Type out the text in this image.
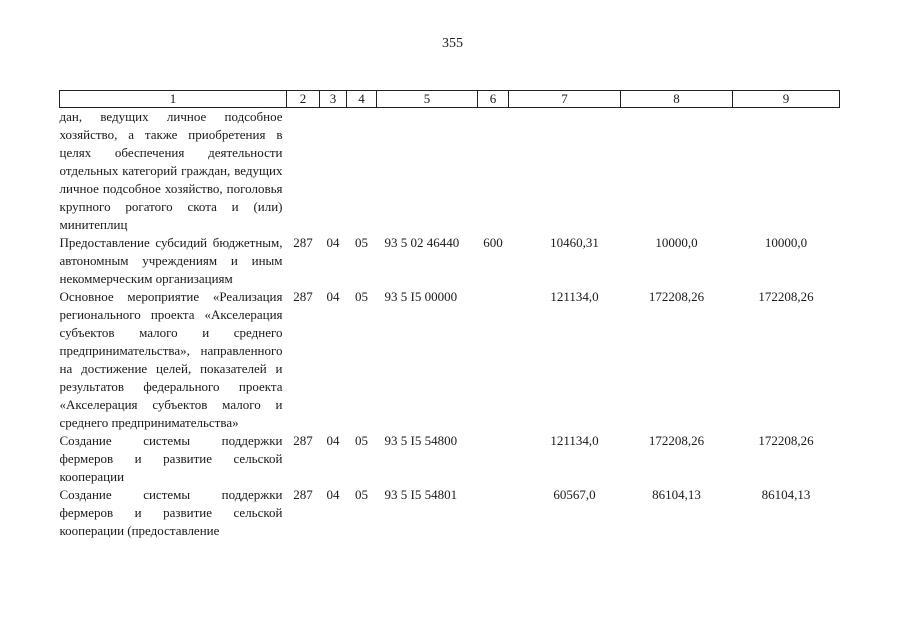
355
1	2	3	4	5	6	7	8	9
дан, ведущих личное подсобное хозяйство, а также приобретения в целях обеспечения деятельности отдельных категорий граждан, ведущих личное подсобное хозяйство, поголовья крупного рогатого скота и (или) минитеплиц								
Предоставление субсидий бюджетным, автономным учреждениям и иным некоммерческим организациям	287	04	05	93 5 02 46440	600	10460,31	10000,0	10000,0
Основное мероприятие «Реализация регионального проекта «Акселерация субъектов малого и среднего предпринимательства», направленного на достижение целей, показателей и результатов федерального проекта «Акселерация субъектов малого и среднего предпринимательства»	287	04	05	93 5 I5 00000		121134,0	172208,26	172208,26
Создание системы поддержки фермеров и развитие сельской кооперации	287	04	05	93 5 I5 54800		121134,0	172208,26	172208,26
Создание системы поддержки фермеров и развитие сельской кооперации (предоставление	287	04	05	93 5 I5 54801		60567,0	86104,13	86104,13
